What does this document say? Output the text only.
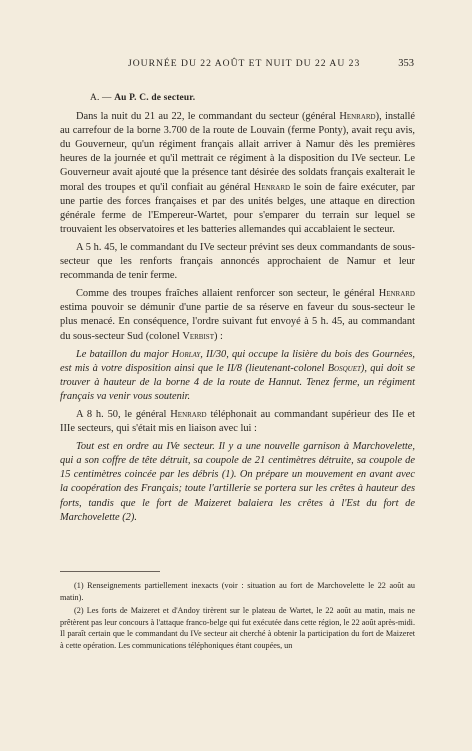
JOURNÉE DU 22 AOÛT ET NUIT DU 22 AU 23	353
A. — Au P. C. de secteur.

Dans la nuit du 21 au 22, le commandant du secteur (général Henrard), installé au carrefour de la borne 3.700 de la route de Louvain (ferme Ponty), avait reçu avis, du Gouverneur, qu'un régiment français allait arriver à Namur dès les premières heures de la journée et qu'il mettrait ce régiment à la disposition du IVe secteur. Le Gouverneur avait ajouté que la présence tant désirée des soldats français exalterait le moral des troupes et qu'il confiait au général Henrard le soin de faire exécuter, par une partie des forces françaises et par des unités belges, une attaque en direction générale ferme de l'Empereur-Wartet, pour s'emparer du terrain sur lequel se trouvaient les observatoires et les batteries allemandes qui accablaient le secteur.

A 5 h. 45, le commandant du IVe secteur prévint ses deux commandants de sous-secteur que les renforts français annoncés approchaient de Namur et leur recommanda de tenir ferme.

Comme des troupes fraîches allaient renforcer son secteur, le général Henrard estima pouvoir se démunir d'une partie de sa réserve en faveur du sous-secteur le plus menacé. En conséquence, l'ordre suivant fut envoyé à 5 h. 45, au commandant du sous-secteur Sud (colonel Verbist) :

Le bataillon du major Horlay, II/30, qui occupe la lisière du bois des Gournées, est mis à votre disposition ainsi que le II/8 (lieutenant-colonel Bosquet), qui doit se trouver à hauteur de la borne 4 de la route de Hannut. Tenez ferme, un régiment français va venir vous soutenir.

A 8 h. 50, le général Henrard téléphonait au commandant supérieur des IIe et IIIe secteurs, qui s'était mis en liaison avec lui :

Tout est en ordre au IVe secteur. Il y a une nouvelle garnison à Marchovelette, qui a son coffre de tête détruit, sa coupole de 21 centimètres détruite, sa coupole de 15 centimètres coincée par les débris (1). On prépare un mouvement en avant avec la coopération des Français; toute l'artillerie se portera sur les crêtes à hauteur des forts, tandis que le fort de Maizeret balaiera les crêtes à l'Est du fort de Marchovelette (2).

(1) Renseignements partiellement inexacts (voir : situation au fort de Marchovelette le 22 août au matin).

(2) Les forts de Maizeret et d'Andoy tirèrent sur le plateau de Wartet, le 22 août au matin, mais ne prêtèrent pas leur concours à l'attaque franco-belge qui fut exécutée dans cette région, le 22 août après-midi. Il paraît certain que le commandant du IVe secteur ait cherché à obtenir la participation du fort de Maizeret à cette opération. Les communications téléphoniques étant coupées, un
